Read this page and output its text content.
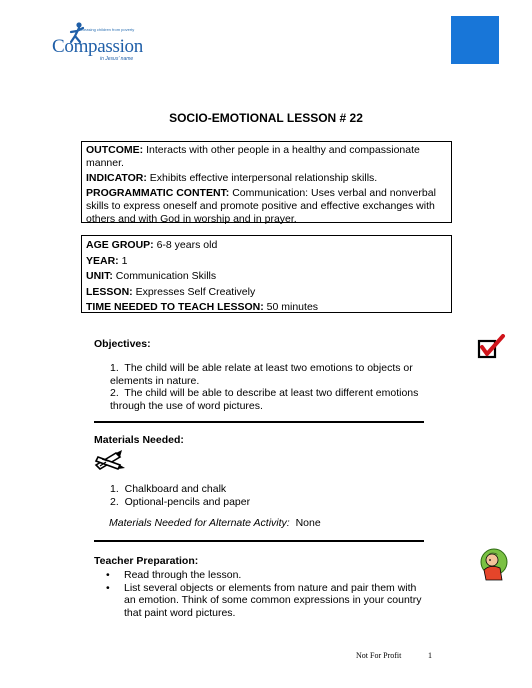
Releasing children from poverty
Compassion
in Jesus' name
SOCIO-EMOTIONAL LESSON # 22

OUTCOME: Interacts with other people in a healthy and compassionate manner.

INDICATOR: Exhibits effective interpersonal relationship skills.

PROGRAMMATIC CONTENT: Communication: Uses verbal and nonverbal skills to express oneself and promote positive and effective exchanges with others and with God in worship and in prayer.

AGE GROUP: 6-8 years old

YEAR: 1

UNIT: Communication Skills

LESSON: Expresses Self Creatively

TIME NEEDED TO TEACH LESSON: 50 minutes

Objectives:
1. The child will be able relate at least two emotions to objects or elements in nature.
2. The child will be able to describe at least two different emotions through the use of word pictures.
Materials Needed:
1. Chalkboard and chalk
2. Optional-pencils and paper
Materials Needed for Alternate Activity: None
Teacher Preparation:
• Read through the lesson.
• List several objects or elements from nature and pair them with an emotion. Think of some common expressions in your country that paint word pictures.
Not For Profit	1
